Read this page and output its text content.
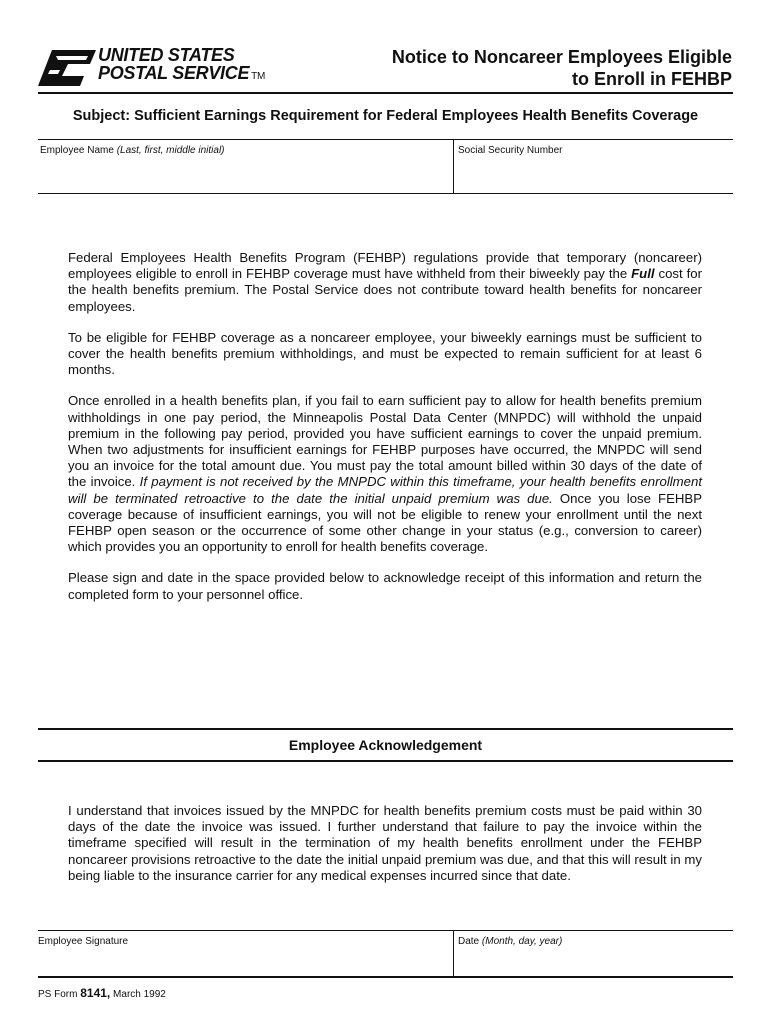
UNITED STATES
POSTAL SERVICE TM
Notice to Noncareer Employees Eligible
to Enroll in FEHBP
Subject: Sufficient Earnings Requirement for Federal Employees Health Benefits Coverage
Employee Name (Last, first, middle initial)	Social Security Number

Federal Employees Health Benefits Program (FEHBP) regulations provide that temporary (noncareer) employees eligible to enroll in FEHBP coverage must have withheld from their biweekly pay the Full cost for the health benefits premium. The Postal Service does not contribute toward health benefits for noncareer employees.

To be eligible for FEHBP coverage as a noncareer employee, your biweekly earnings must be sufficient to cover the health benefits premium withholdings, and must be expected to remain sufficient for at least 6 months.

Once enrolled in a health benefits plan, if you fail to earn sufficient pay to allow for health benefits premium withholdings in one pay period, the Minneapolis Postal Data Center (MNPDC) will withhold the unpaid premium in the following pay period, provided you have sufficient earnings to cover the unpaid premium. When two adjustments for insufficient earnings for FEHBP purposes have occurred, the MNPDC will send you an invoice for the total amount due. You must pay the total amount billed within 30 days of the date of the invoice. If payment is not received by the MNPDC within this timeframe, your health benefits enrollment will be terminated retroactive to the date the initial unpaid premium was due. Once you lose FEHBP coverage because of insufficient earnings, you will not be eligible to renew your enrollment until the next FEHBP open season or the occurrence of some other change in your status (e.g., conversion to career) which provides you an opportunity to enroll for health benefits coverage.

Please sign and date in the space provided below to acknowledge receipt of this information and return the completed form to your personnel office.

Employee Acknowledgement

I understand that invoices issued by the MNPDC for health benefits premium costs must be paid within 30 days of the date the invoice was issued. I further understand that failure to pay the invoice within the timeframe specified will result in the termination of my health benefits enrollment under the FEHBP noncareer provisions retroactive to the date the initial unpaid premium was due, and that this will result in my being liable to the insurance carrier for any medical expenses incurred since that date.

Employee Signature	Date (Month, day, year)
PS Form 8141, March 1992
